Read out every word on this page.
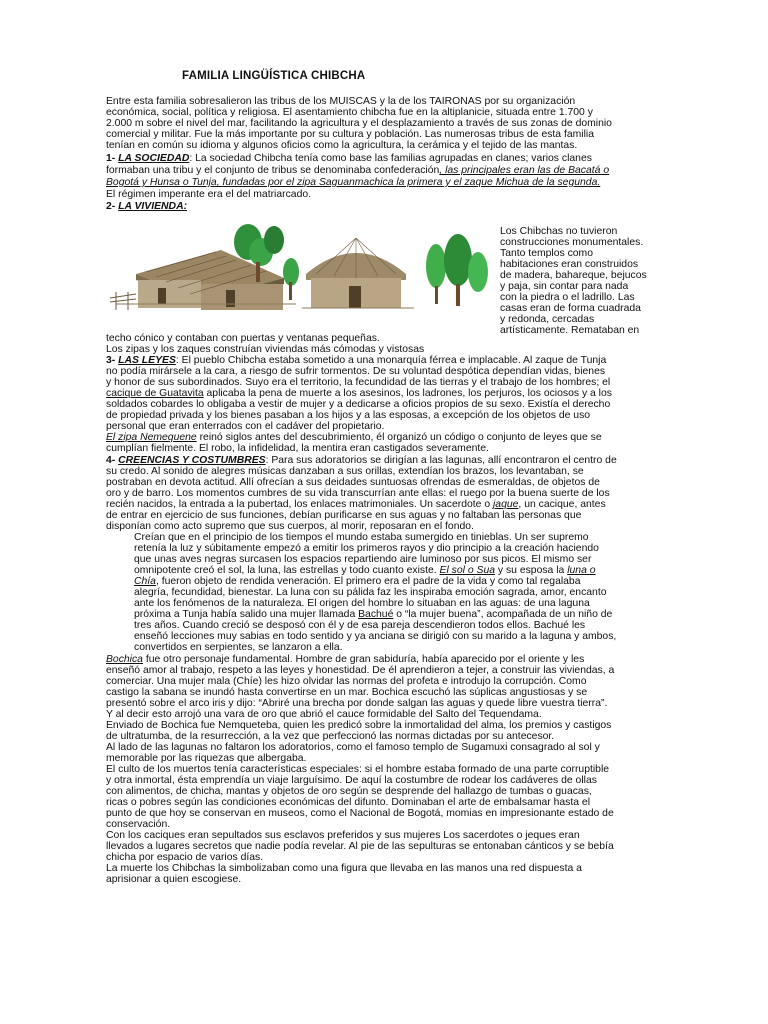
FAMILIA LINGÜÍSTICA CHIBCHA
Entre esta familia sobresalieron las tribus de los MUISCAS y la de los TAIRONAS por su organización
económica, social, política y religiosa. El asentamiento chibcha fue en la altiplanicie, situada entre 1.700 y
2.000 m sobre el nivel del mar, facilitando la agricultura y el desplazamiento a través de sus zonas de dominio
comercial y militar. Fue la más importante por su cultura y población. Las numerosas tribus de esta familia
tenían en común su idioma y algunos oficios como la agricultura, la cerámica y el tejido de las mantas.
1- LA SOCIEDAD: La sociedad Chibcha tenía como base las familias agrupadas en clanes; varios clanes
formaban una tribu y el conjunto de tribus se denominaba confederación, las principales eran las de Bacatá o
Bogotá y Hunsa o Tunja, fundadas por el zipa Saguanmachica la primera y el zaque Michua de la segunda.
El régimen imperante era el del matriarcado.
2- LA VIVIENDA:
Los Chibchas no tuvieron
construcciones monumentales.
Tanto templos como
habitaciones eran construidos
de madera, bahareque, bejucos
y paja, sin contar para nada
con la piedra o el ladrillo. Las
casas eran de forma cuadrada
y redonda, cercadas
artísticamente. Remataban en
techo cónico y contaban con puertas y ventanas pequeñas.
Los zipas y los zaques construían viviendas más cómodas y vistosas
3- LAS LEYES: El pueblo Chibcha estaba sometido a una monarquía férrea e implacable. Al zaque de Tunja
no podía mirársele a la cara, a riesgo de sufrir tormentos. De su voluntad despótica dependían vidas, bienes
y honor de sus subordinados. Suyo era el territorio, la fecundidad de las tierras y el trabajo de los hombres; el
cacique de Guatavita aplicaba la pena de muerte a los asesinos, los ladrones, los perjuros, los ociosos y a los
soldados cobardes lo obligaba a vestir de mujer y a dedicarse a oficios propios de su sexo. Existía el derecho
de propiedad privada y los bienes pasaban a los hijos y a las esposas, a excepción de los objetos de uso
personal que eran enterrados con el cadáver del propietario.
El zipa Nemequene reinó siglos antes del descubrimiento, él organizó un código o conjunto de leyes que se
cumplían fielmente. El robo, la infidelidad, la mentira eran castigados severamente.
4- CREENCIAS Y COSTUMBRES: Para sus adoratorios se dirigían a las lagunas, allí encontraron el centro de
su credo. Al sonido de alegres músicas danzaban a sus orillas, extendían los brazos, los levantaban, se
postraban en devota actitud. Allí ofrecían a sus deidades suntuosas ofrendas de esmeraldas, de objetos de
oro y de barro. Los momentos cumbres de su vida transcurrían ante ellas: el ruego por la buena suerte de los
recién nacidos, la entrada a la pubertad, los enlaces matrimoniales. Un sacerdote o jaque, un cacique, antes
de entrar en ejercicio de sus funciones, debían purificarse en sus aguas y no faltaban las personas que
disponían como acto supremo que sus cuerpos, al morir, reposaran en el fondo.
Creían que en el principio de los tiempos el mundo estaba sumergido en tinieblas. Un ser supremo
retenía la luz y súbitamente empezó a emitir los primeros rayos y dio principio a la creación haciendo
que unas aves negras surcasen los espacios repartiendo aire luminoso por sus picos. El mismo ser
omnipotente creó el sol, la luna, las estrellas y todo cuanto existe. El sol o Sua y su esposa la luna o
Chía, fueron objeto de rendida veneración. El primero era el padre de la vida y como tal regalaba
alegría, fecundidad, bienestar. La luna con su pálida faz les inspiraba emoción sagrada, amor, encanto
ante los fenómenos de la naturaleza. El origen del hombre lo situaban en las aguas: de una laguna
próxima a Tunja había salido una mujer llamada Bachué o “la mujer buena”, acompañada de un niño de
tres años. Cuando creció se desposó con él y de esa pareja descendieron todos ellos. Bachué les
enseñó lecciones muy sabias en todo sentido y ya anciana se dirigió con su marido a la laguna y ambos,
convertidos en serpientes, se lanzaron a ella.
Bochica fue otro personaje fundamental. Hombre de gran sabiduría, había aparecido por el oriente y les
enseñó amor al trabajo, respeto a las leyes y honestidad. De él aprendieron a tejer, a construir las viviendas, a
comerciar. Una mujer mala (Chíe) les hizo olvidar las normas del profeta e introdujo la corrupción. Como
castigo la sabana se inundó hasta convertirse en un mar. Bochica escuchó las súplicas angustiosas y se
presentó sobre el arco iris y dijo: “Abriré una brecha por donde salgan las aguas y quede libre vuestra tierra”.
Y al decir esto arrojó una vara de oro que abrió el cauce formidable del Salto del Tequendama.
Enviado de Bochica fue Nemqueteba, quien les predicó sobre la inmortalidad del alma, los premios y castigos
de ultratumba, de la resurrección, a la vez que perfeccionó las normas dictadas por su antecesor.
Al lado de las lagunas no faltaron los adoratorios, como el famoso templo de Sugamuxi consagrado al sol y
memorable por las riquezas que albergaba.
El culto de los muertos tenía características especiales: si el hombre estaba formado de una parte corruptible
y otra inmortal, ésta emprendía un viaje larguísimo. De aquí la costumbre de rodear los cadáveres de ollas
con alimentos, de chicha, mantas y objetos de oro según se desprende del hallazgo de tumbas o guacas,
ricas o pobres según las condiciones económicas del difunto. Dominaban el arte de embalsamar hasta el
punto de que hoy se conservan en museos, como el Nacional de Bogotá, momias en impresionante estado de
conservación.
Con los caciques eran sepultados sus esclavos preferidos y sus mujeres Los sacerdotes o jeques eran
llevados a lugares secretos que nadie podía revelar. Al pie de las sepulturas se entonaban cánticos y se bebía
chicha por espacio de varios días.
La muerte los Chibchas la simbolizaban como una figura que llevaba en las manos una red dispuesta a
aprisionar a quien escogiese.
